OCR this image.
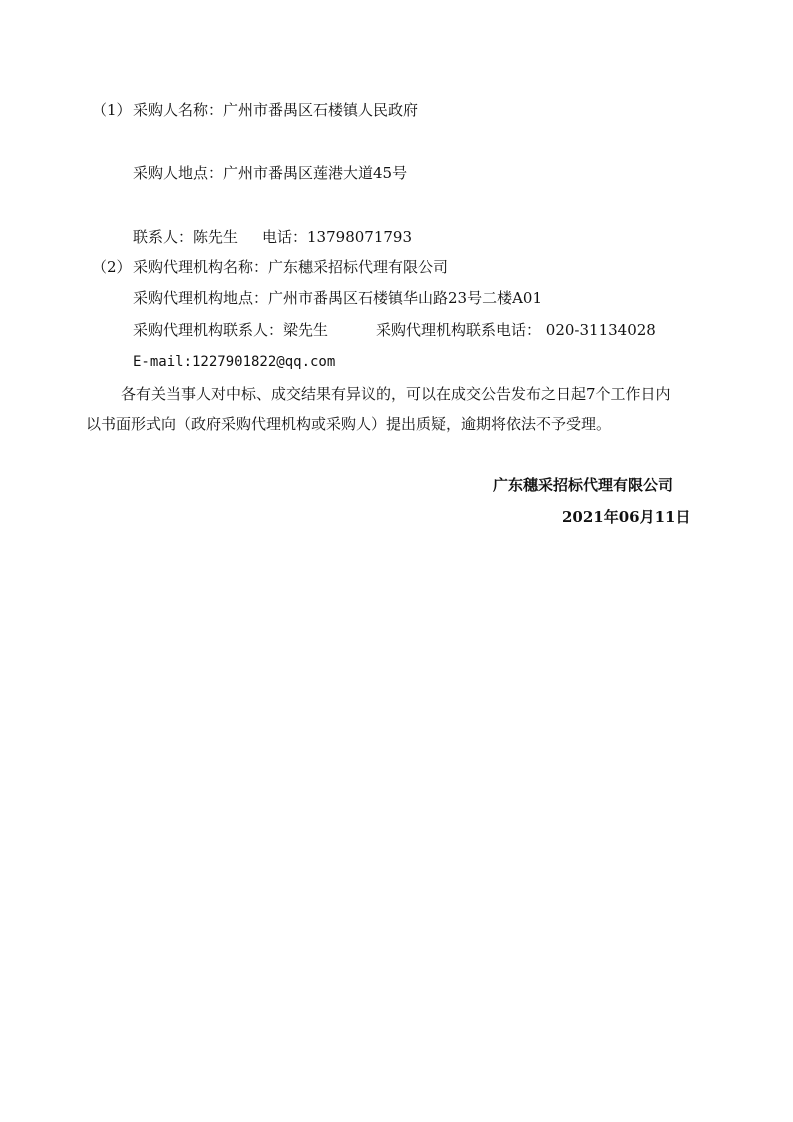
（1） 采购人名称：广州市番禺区石楼镇人民政府
采购人地点：广州市番禺区莲港大道45号
联系人：陈先生 电话：13798071793
（2） 采购代理机构名称：广东穗采招标代理有限公司
采购代理机构地点：广州市番禺区石楼镇华山路23号二楼A01
采购代理机构联系人：梁先生	采购代理机构联系电话： 020-31134028
E-mail:1227901822@qq.com
各有关当事人对中标、成交结果有异议的，可以在成交公告发布之日起7个工作日内
以书面形式向（政府采购代理机构或采购人）提出质疑，逾期将依法不予受理。
广东穗采招标代理有限公司
2021年06月11日
